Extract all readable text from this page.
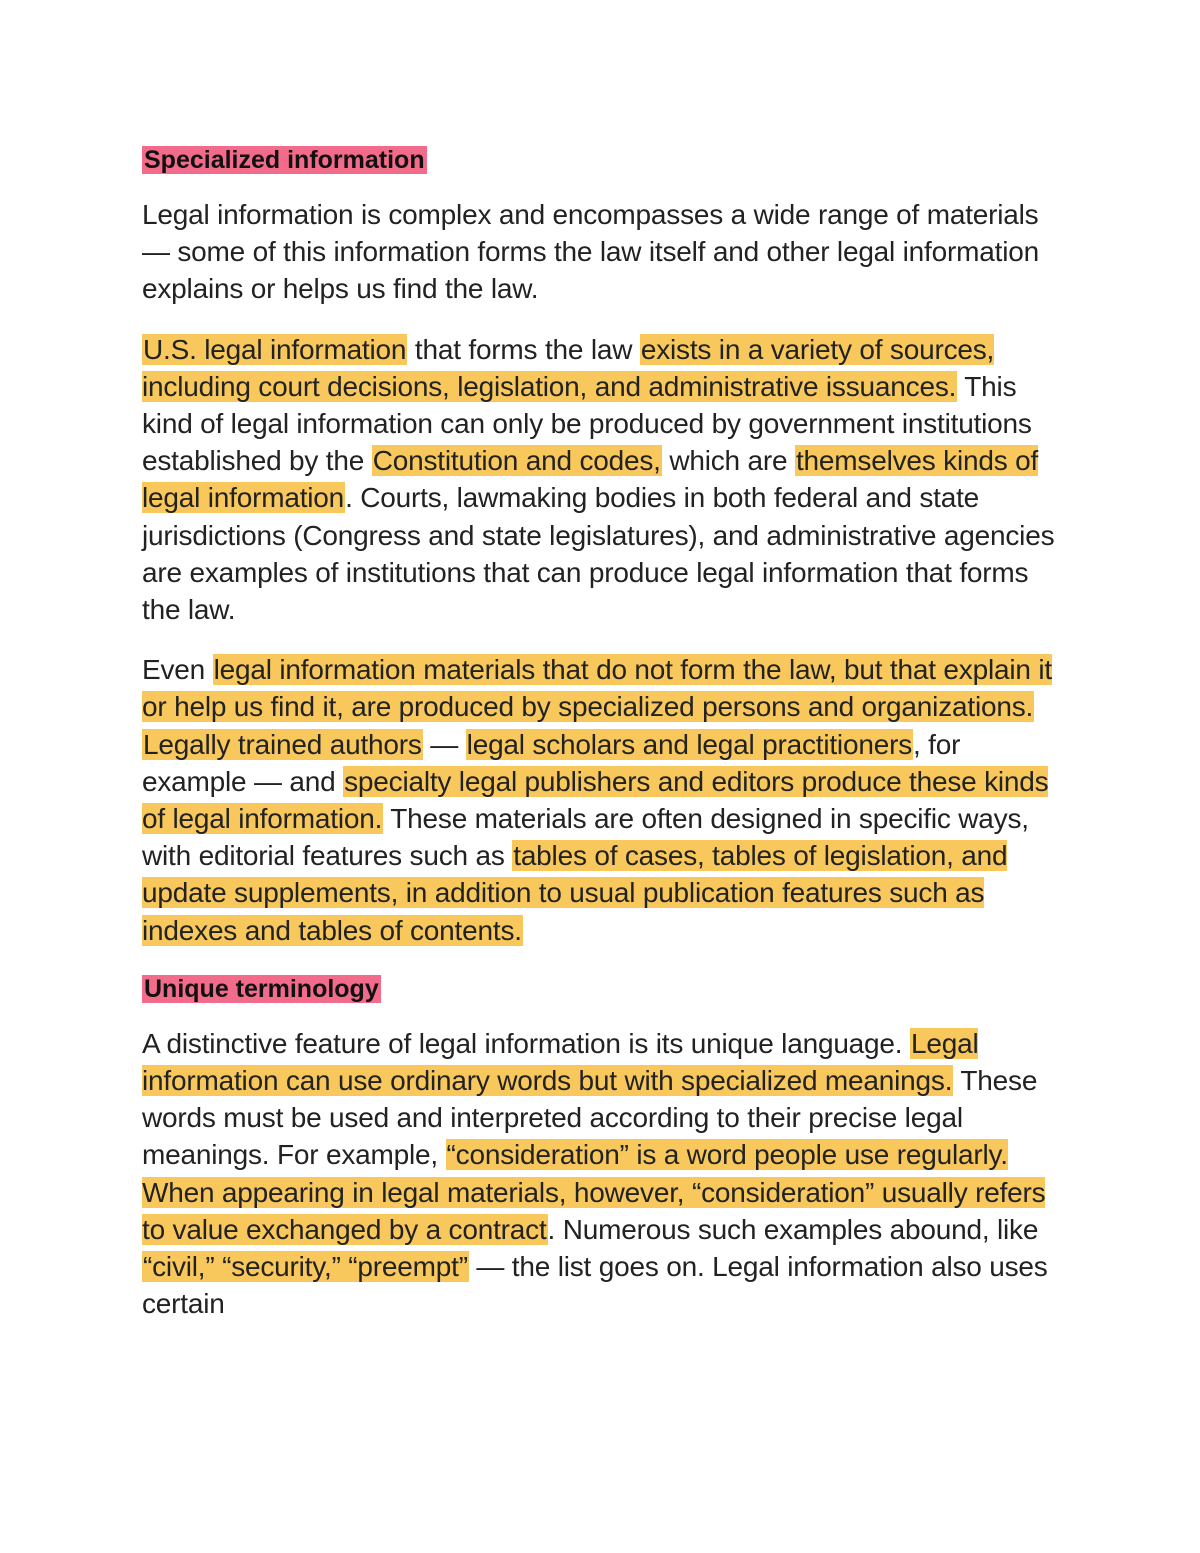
Specialized information

Legal information is complex and encompasses a wide range of materials — some of this information forms the law itself and other legal information explains or helps us find the law.

U.S. legal information that forms the law exists in a variety of sources, including court decisions, legislation, and administrative issuances. This kind of legal information can only be produced by government institutions established by the Constitution and codes, which are themselves kinds of legal information. Courts, lawmaking bodies in both federal and state jurisdictions (Congress and state legislatures), and administrative agencies are examples of institutions that can produce legal information that forms the law.

Even legal information materials that do not form the law, but that explain it or help us find it, are produced by specialized persons and organizations. Legally trained authors — legal scholars and legal practitioners, for example — and specialty legal publishers and editors produce these kinds of legal information. These materials are often designed in specific ways, with editorial features such as tables of cases, tables of legislation, and update supplements, in addition to usual publication features such as indexes and tables of contents.

Unique terminology

A distinctive feature of legal information is its unique language. Legal information can use ordinary words but with specialized meanings. These words must be used and interpreted according to their precise legal meanings. For example, “consideration” is a word people use regularly. When appearing in legal materials, however, “consideration” usually refers to value exchanged by a contract. Numerous such examples abound, like “civil,” “security,” “preempt” — the list goes on. Legal information also uses certain
